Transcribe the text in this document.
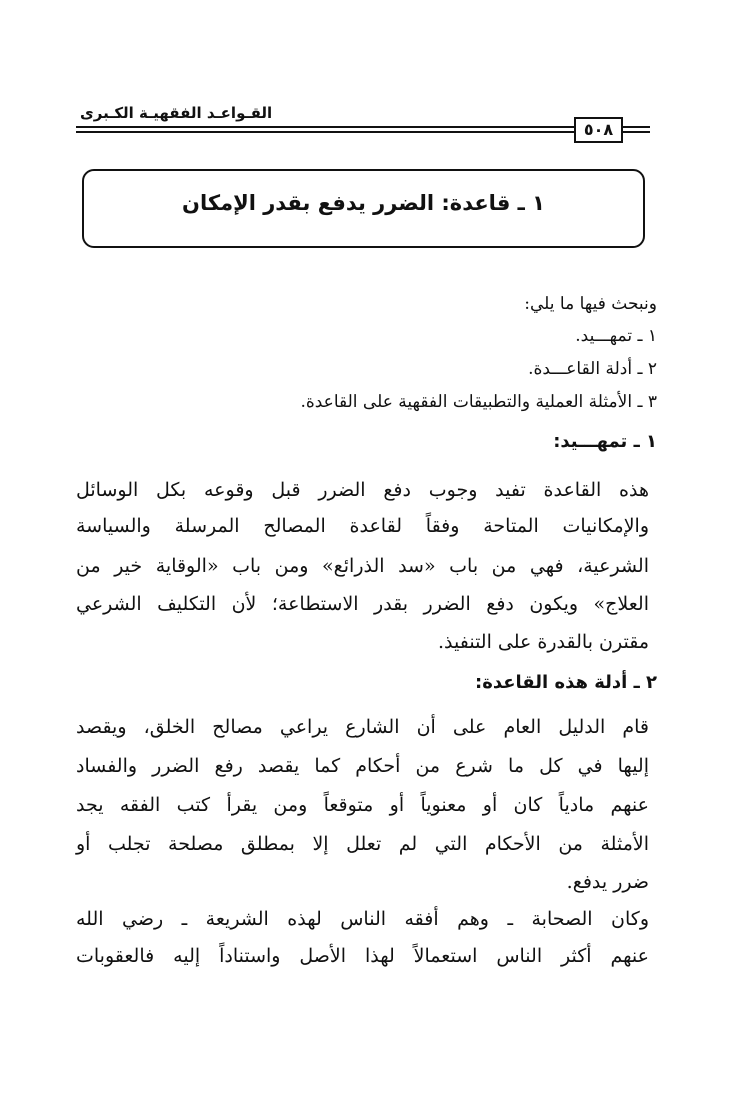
القـواعـد الفقهيـة الكـبرى
٥٠٨
١ ـ قاعدة: الضرر يدفع بقدر الإمكان
ونبحث فيها ما يلي:
١ ـ تمهـــيد.
٢ ـ أدلة القاعـــدة.
٣ ـ الأمثلة العملية والتطبيقات الفقهية على القاعدة.
١ ـ تمهـــيد:
هذه القاعدة تفيد وجوب دفع الضرر قبل وقوعه بكل الوسائل
والإمكانيات المتاحة وفقاً لقاعدة المصالح المرسلة والسياسة
الشرعية، فهي من باب «سد الذرائع» ومن باب «الوقاية خير من
العلاج» ويكون دفع الضرر بقدر الاستطاعة؛ لأن التكليف الشرعي
مقترن بالقدرة على التنفيذ.
٢ ـ أدلة هذه القاعدة:
قام الدليل العام على أن الشارع يراعي مصالح الخلق، ويقصد
إليها في كل ما شرع من أحكام كما يقصد رفع الضرر والفساد
عنهم مادياً كان أو معنوياً أو متوقعاً ومن يقرأ كتب الفقه يجد
الأمثلة من الأحكام التي لم تعلل إلا بمطلق مصلحة تجلب أو
ضرر يدفع.
وكان الصحابة ـ وهم أفقه الناس لهذه الشريعة ـ رضي الله
عنهم أكثر الناس استعمالاً لهذا الأصل واستناداً إليه فالعقوبات
